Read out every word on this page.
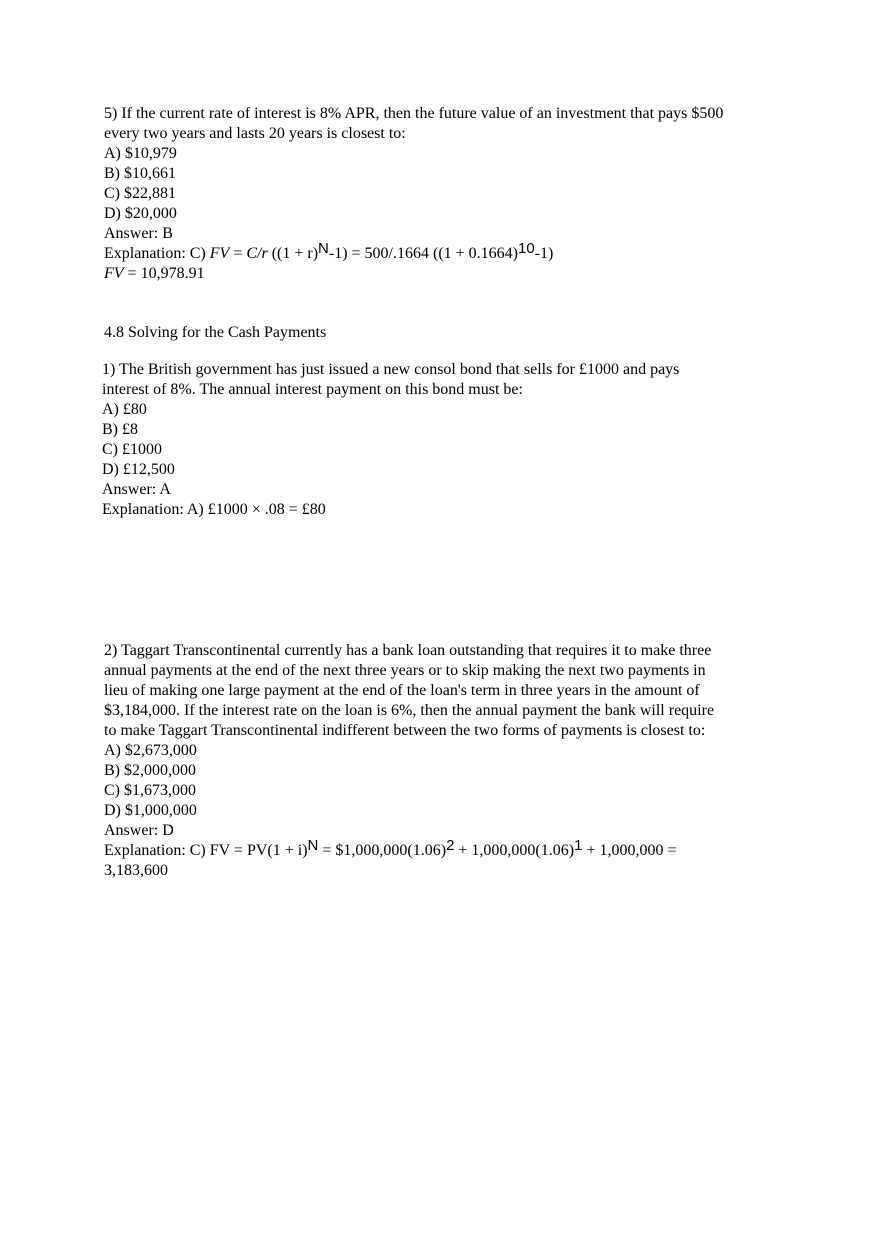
5) If the current rate of interest is 8% APR, then the future value of an investment that pays $500
every two years and lasts 20 years is closest to:
A) $10,979
B) $10,661
C) $22,881
D) $20,000
Answer: B
Explanation: C) FV = C/r ((1 + r)N-1) = 500/.1664 ((1 + 0.1664)10-1)
FV = 10,978.91
4.8 Solving for the Cash Payments
1) The British government has just issued a new consol bond that sells for £1000 and pays
interest of 8%. The annual interest payment on this bond must be:
A) £80
B) £8
C) £1000
D) £12,500
Answer: A
Explanation: A) £1000 × .08 = £80
2) Taggart Transcontinental currently has a bank loan outstanding that requires it to make three
annual payments at the end of the next three years or to skip making the next two payments in
lieu of making one large payment at the end of the loan's term in three years in the amount of
$3,184,000. If the interest rate on the loan is 6%, then the annual payment the bank will require
to make Taggart Transcontinental indifferent between the two forms of payments is closest to:
A) $2,673,000
B) $2,000,000
C) $1,673,000
D) $1,000,000
Answer: D
Explanation: C) FV = PV(1 + i)N = $1,000,000(1.06)2 + 1,000,000(1.06)1 + 1,000,000 =
3,183,600
